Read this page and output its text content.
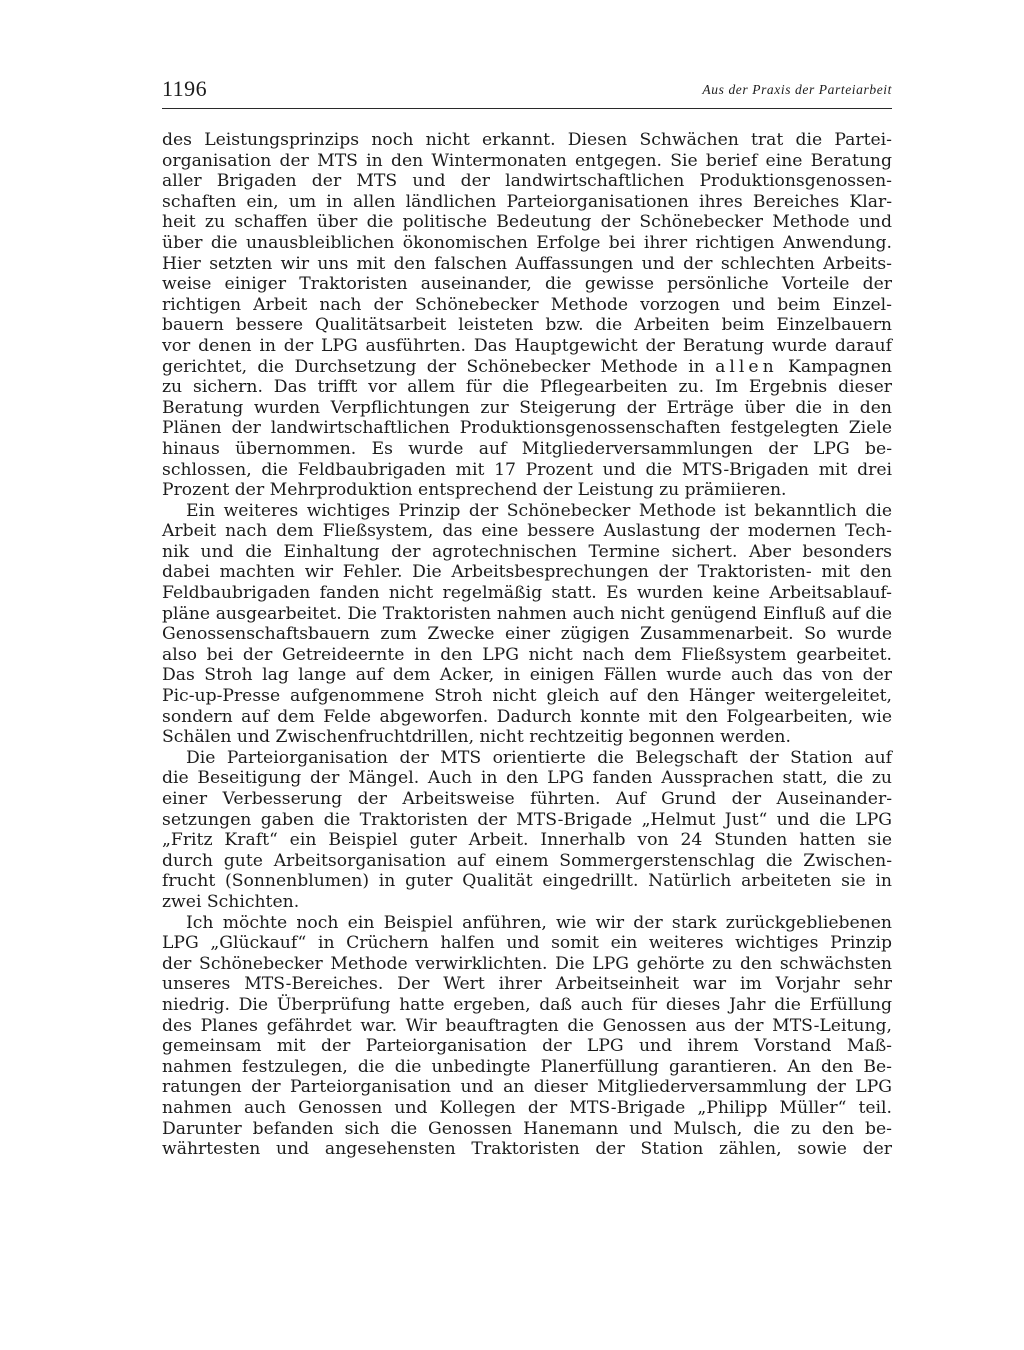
1196	Aus der Praxis der Parteiarbeit
des Leistungsprinzips noch nicht erkannt. Diesen Schwächen trat die Partei-
organisation der MTS in den Wintermonaten entgegen. Sie berief eine Beratung
aller Brigaden der MTS und der landwirtschaftlichen Produktionsgenossen-
schaften ein, um in allen ländlichen Parteiorganisationen ihres Bereiches Klar-
heit zu schaffen über die politische Bedeutung der Schönebecker Methode und
über die unausbleiblichen ökonomischen Erfolge bei ihrer richtigen Anwendung.
Hier setzten wir uns mit den falschen Auffassungen und der schlechten Arbeits-
weise einiger Traktoristen auseinander, die gewisse persönliche Vorteile der
richtigen Arbeit nach der Schönebecker Methode vorzogen und beim Einzel-
bauern bessere Qualitätsarbeit leisteten bzw. die Arbeiten beim Einzelbauern
vor denen in der LPG ausführten. Das Hauptgewicht der Beratung wurde darauf
gerichtet, die Durchsetzung der Schönebecker Methode in allen Kampagnen
zu sichern. Das trifft vor allem für die Pflegearbeiten zu. Im Ergebnis dieser
Beratung wurden Verpflichtungen zur Steigerung der Erträge über die in den
Plänen der landwirtschaftlichen Produktionsgenossenschaften festgelegten Ziele
hinaus übernommen. Es wurde auf Mitgliederversammlungen der LPG be-
schlossen, die Feldbaubrigaden mit 17 Prozent und die MTS-Brigaden mit drei
Prozent der Mehrproduktion entsprechend der Leistung zu prämiieren.
Ein weiteres wichtiges Prinzip der Schönebecker Methode ist bekanntlich die
Arbeit nach dem Fließsystem, das eine bessere Auslastung der modernen Tech-
nik und die Einhaltung der agrotechnischen Termine sichert. Aber besonders
dabei machten wir Fehler. Die Arbeitsbesprechungen der Traktoristen- mit den
Feldbaubrigaden fanden nicht regelmäßig statt. Es wurden keine Arbeitsablauf-
pläne ausgearbeitet. Die Traktoristen nahmen auch nicht genügend Einfluß auf die
Genossenschaftsbauern zum Zwecke einer zügigen Zusammenarbeit. So wurde
also bei der Getreideernte in den LPG nicht nach dem Fließsystem gearbeitet.
Das Stroh lag lange auf dem Acker, in einigen Fällen wurde auch das von der
Pic-up-Presse aufgenommene Stroh nicht gleich auf den Hänger weitergeleitet,
sondern auf dem Felde abgeworfen. Dadurch konnte mit den Folgearbeiten, wie
Schälen und Zwischenfruchtdrillen, nicht rechtzeitig begonnen werden.
Die Parteiorganisation der MTS orientierte die Belegschaft der Station auf
die Beseitigung der Mängel. Auch in den LPG fanden Aussprachen statt, die zu
einer Verbesserung der Arbeitsweise führten. Auf Grund der Auseinander-
setzungen gaben die Traktoristen der MTS-Brigade „Helmut Just“ und die LPG
„Fritz Kraft“ ein Beispiel guter Arbeit. Innerhalb von 24 Stunden hatten sie
durch gute Arbeitsorganisation auf einem Sommergerstenschlag die Zwischen-
frucht (Sonnenblumen) in guter Qualität eingedrillt. Natürlich arbeiteten sie in
zwei Schichten.
Ich möchte noch ein Beispiel anführen, wie wir der stark zurückgebliebenen
LPG „Glückauf“ in Crüchern halfen und somit ein weiteres wichtiges Prinzip
der Schönebecker Methode verwirklichten. Die LPG gehörte zu den schwächsten
unseres MTS-Bereiches. Der Wert ihrer Arbeitseinheit war im Vorjahr sehr
niedrig. Die Überprüfung hatte ergeben, daß auch für dieses Jahr die Erfüllung
des Planes gefährdet war. Wir beauftragten die Genossen aus der MTS-Leitung,
gemeinsam mit der Parteiorganisation der LPG und ihrem Vorstand Maß-
nahmen festzulegen, die die unbedingte Planerfüllung garantieren. An den Be-
ratungen der Parteiorganisation und an dieser Mitgliederversammlung der LPG
nahmen auch Genossen und Kollegen der MTS-Brigade „Philipp Müller“ teil.
Darunter befanden sich die Genossen Hanemann und Mulsch, die zu den be-
währtesten und angesehensten Traktoristen der Station zählen, sowie der
